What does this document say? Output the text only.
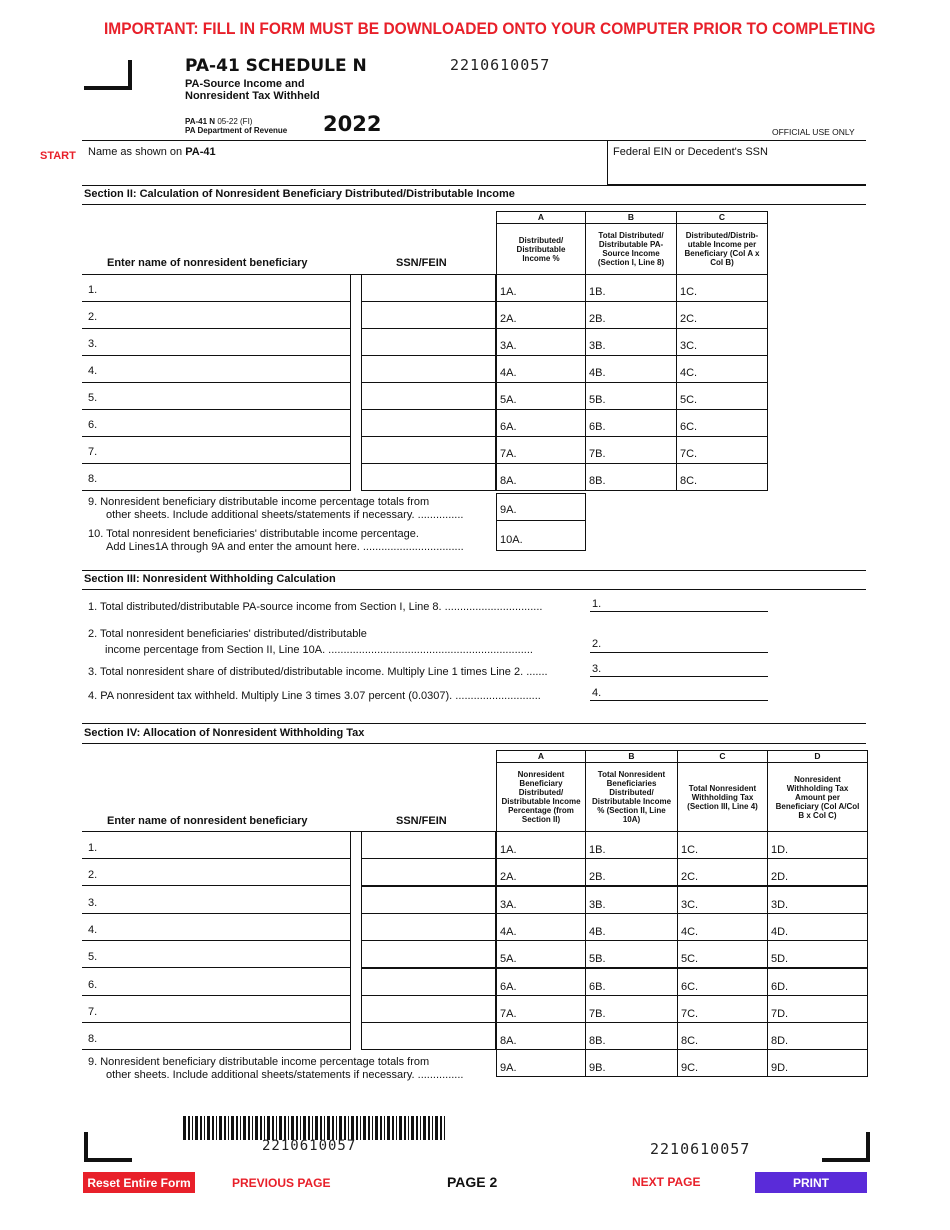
IMPORTANT: FILL IN FORM MUST BE DOWNLOADED ONTO YOUR COMPUTER PRIOR TO COMPLETING
PA-41 SCHEDULE N	2210610057
PA-Source Income and
Nonresident Tax Withheld
PA-41 N 05-22 (FI)
PA Department of Revenue 2022	OFFICIAL USE ONLY
START Name as shown on PA-41	Federal EIN or Decedent's SSN
Section II: Calculation of Nonresident Beneficiary Distributed/Distributable Income
A	B	C
Distributed/ Distributable Income %
Total Distributed/ Distributable PA-Source Income (Section I, Line 8)
Distributed/Distrib- utable Income per Beneficiary (Col A x Col B)
Enter name of nonresident beneficiary	SSN/FEIN
1.	1A.	1B.	1C.
2.	2A.	2B.	2C.
3.	3A.	3B.	3C.
4.	4A.	4B.	4C.
5.	5A.	5B.	5C.
6.	6A.	6B.	6C.
7.	7A.	7B.	7C.
8.	8A.	8B.	8C.
9. Nonresident beneficiary distributable income percentage totals from
other sheets. Include additional sheets/statements if necessary. ...............	9A.
10. Total nonresident beneficiaries' distributable income percentage.
Add Lines1A through 9A and enter the amount here. .................................
10A.
Section III: Nonresident Withholding Calculation
1. Total distributed/distributable PA-source income from Section I, Line 8. ................................	1.
2. Total nonresident beneficiaries' distributed/distributable
income percentage from Section II, Line 10A. ...................................................................	2.
3. Total nonresident share of distributed/distributable income. Multiply Line 1 times Line 2. .......	3.
4. PA nonresident tax withheld. Multiply Line 3 times 3.07 percent (0.0307). ............................	4.
Section IV: Allocation of Nonresident Withholding Tax
A	B	C	D
Nonresident Beneficiary Distributed/ Distributable Income Percentage (from Section II)
Total Nonresident Beneficiaries Distributed/ Distributable Income % (Section II, Line 10A)
Total Nonresident Withholding Tax (Section III, Line 4)
Nonresident Withholding Tax Amount per Beneficiary (Col A/Col B x Col C)
Enter name of nonresident beneficiary	SSN/FEIN
1.	1A.	1B.	1C.	1D.
2.	2A.	2B.	2C.	2D.
3.	3A.	3B.	3C.	3D.
4.	4A.	4B.	4C.	4D.
5.	5A.	5B.	5C.	5D.
6.	6A.	6B.	6C.	6D.
7.	7A.	7B.	7C.	7D.
8.	8A.	8B.	8C.	8D.
9A.	9B.	9C.	9D.
9. Nonresident beneficiary distributable income percentage totals from
other sheets. Include additional sheets/statements if necessary. ...............
2210610057	2210610057
Reset Entire Form	PREVIOUS PAGE	PAGE 2	NEXT PAGE	PRINT
